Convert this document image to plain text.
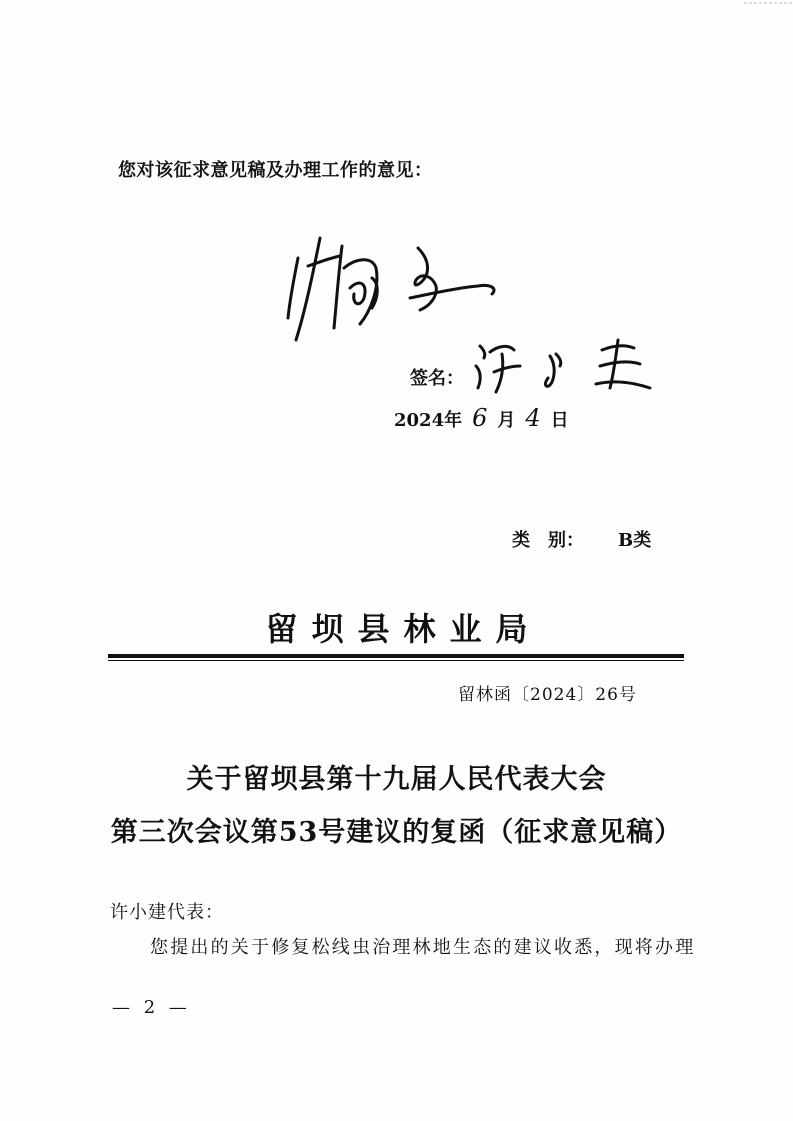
您对该征求意见稿及办理工作的意见：
签名：
2024年 6 月 4 日
类　别： B类
留坝县林业局
留林函〔2024〕26号
关于留坝县第十九届人民代表大会
第三次会议第53号建议的复函（征求意见稿）
许小建代表：
您提出的关于修复松线虫治理林地生态的建议收悉，现将办理
— 2 —
